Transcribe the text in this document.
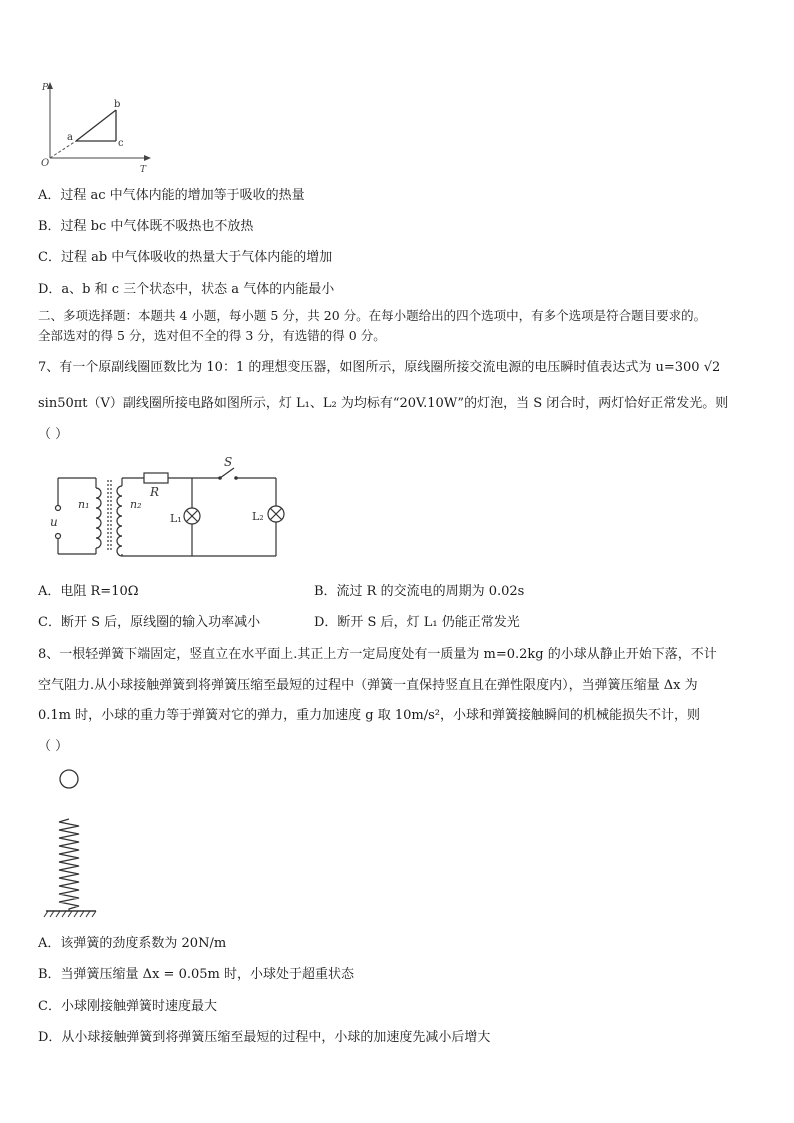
P
T
O
a
b
c
A．过程 ac 中气体内能的增加等于吸收的热量
B．过程 bc 中气体既不吸热也不放热
C．过程 ab 中气体吸收的热量大于气体内能的增加
D．a、b 和 c 三个状态中，状态 a 气体的内能最小
二、多项选择题：本题共 4 小题，每小题 5 分，共 20 分。在每小题给出的四个选项中，有多个选项是符合题目要求的。
全部选对的得 5 分，选对但不全的得 3 分，有选错的得 0 分。
7、有一个原副线圈匝数比为 10：1 的理想变压器，如图所示，原线圈所接交流电源的电压瞬时值表达式为 u=300 √2
sin50πt（V）副线圈所接电路如图所示，灯 L₁、L₂ 为均标有“20V.10W”的灯泡，当 S 闭合时，两灯恰好正常发光。则
（ ）
u
n₁	n₂
R
S
L₁	L₂
A．电阻 R=10Ω	B．流过 R 的交流电的周期为 0.02s
C．断开 S 后，原线圈的输入功率减小	D．断开 S 后，灯 L₁ 仍能正常发光
8、一根轻弹簧下端固定，竖直立在水平面上.其正上方一定局度处有一质量为 m=0.2kg 的小球从静止开始下落，不计
空气阻力.从小球接触弹簧到将弹簧压缩至最短的过程中（弹簧一直保持竖直且在弹性限度内），当弹簧压缩量 Δx 为
0.1m 时，小球的重力等于弹簧对它的弹力，重力加速度 g 取 10m/s²，小球和弹簧接触瞬间的机械能损失不计，则
（ ）
A．该弹簧的劲度系数为 20N/m
B．当弹簧压缩量 Δx = 0.05m 时，小球处于超重状态
C．小球刚接触弹簧时速度最大
D．从小球接触弹簧到将弹簧压缩至最短的过程中，小球的加速度先减小后增大
